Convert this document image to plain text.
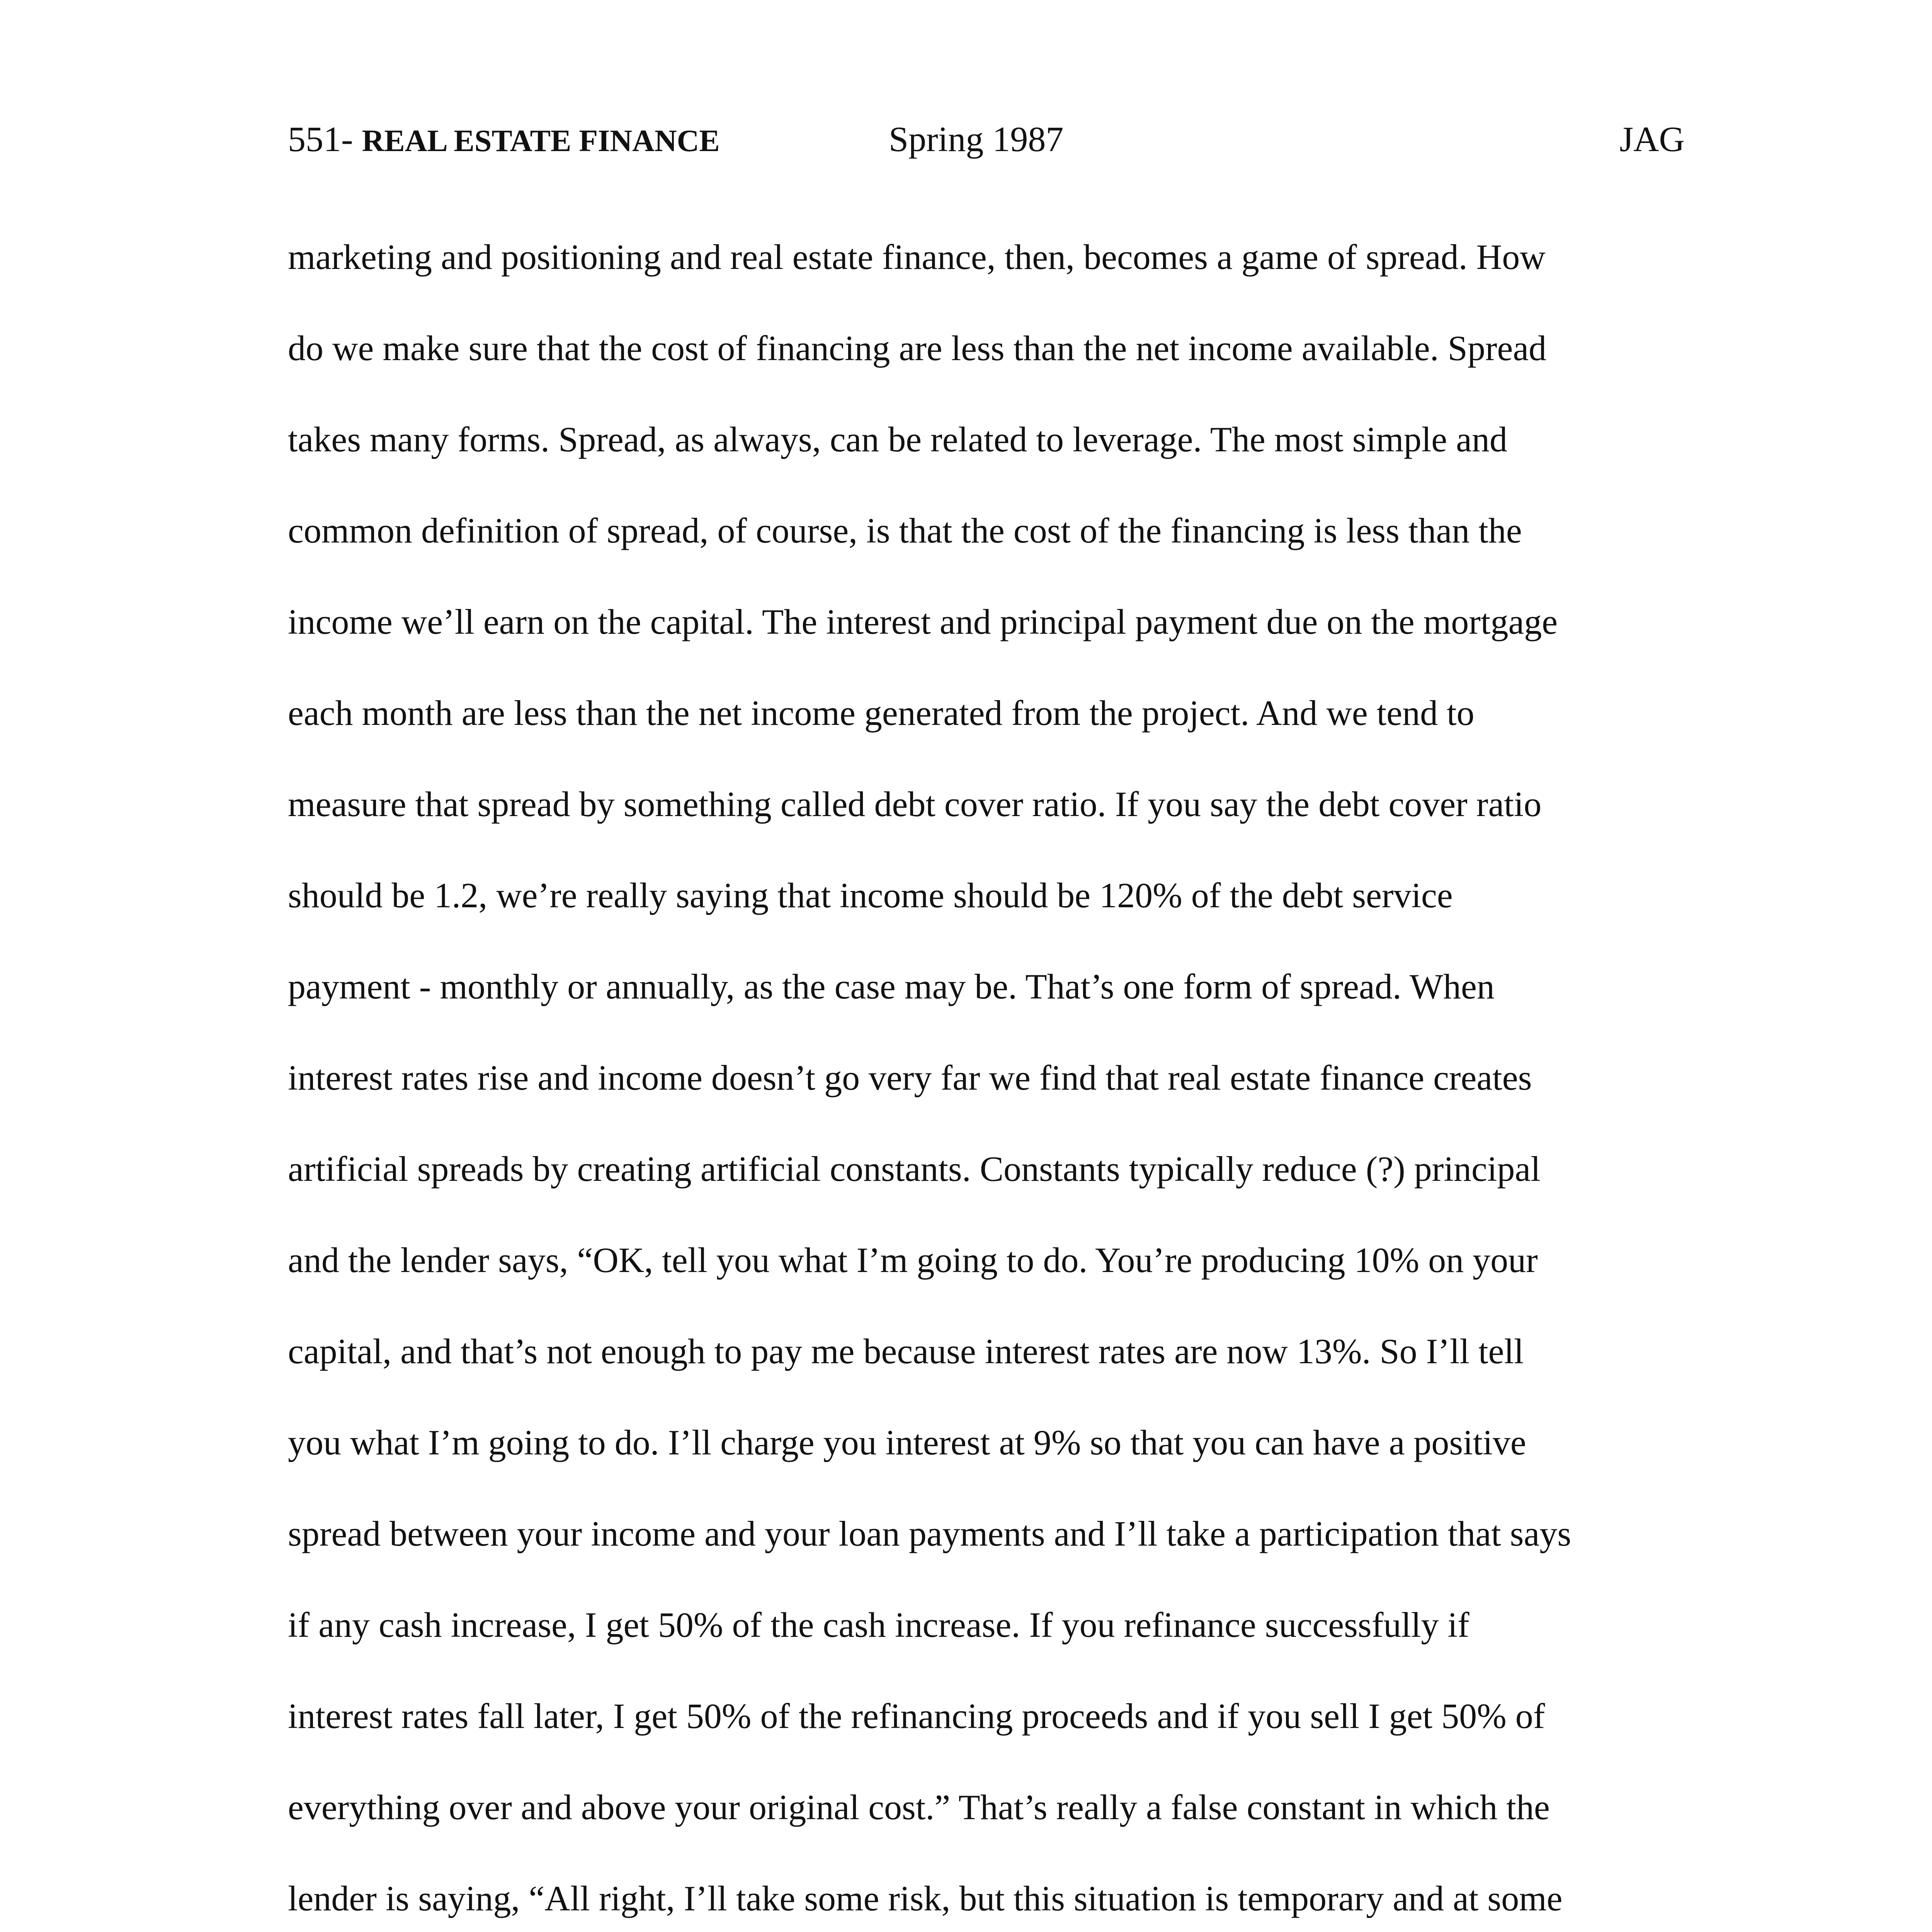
551- REAL ESTATE FINANCE	Spring 1987	JAG
marketing and positioning and real estate finance, then, becomes a game of spread. How
do we make sure that the cost of financing are less than the net income available. Spread
takes many forms. Spread, as always, can be related to leverage. The most simple and
common definition of spread, of course, is that the cost of the financing is less than the
income we’ll earn on the capital. The interest and principal payment due on the mortgage
each month are less than the net income generated from the project. And we tend to
measure that spread by something called debt cover ratio. If you say the debt cover ratio
should be 1.2, we’re really saying that income should be 120% of the debt service
payment - monthly or annually, as the case may be. That’s one form of spread. When
interest rates rise and income doesn’t go very far we find that real estate finance creates
artificial spreads by creating artificial constants. Constants typically reduce (?) principal
and the lender says, “OK, tell you what I’m going to do. You’re producing 10% on your
capital, and that’s not enough to pay me because interest rates are now 13%. So I’ll tell
you what I’m going to do. I’ll charge you interest at 9% so that you can have a positive
spread between your income and your loan payments and I’ll take a participation that says
if any cash increase, I get 50% of the cash increase. If you refinance successfully if
interest rates fall later, I get 50% of the refinancing proceeds and if you sell I get 50% of
everything over and above your original cost.” That’s really a false constant in which the
lender is saying, “All right, I’ll take some risk, but this situation is temporary and at some
